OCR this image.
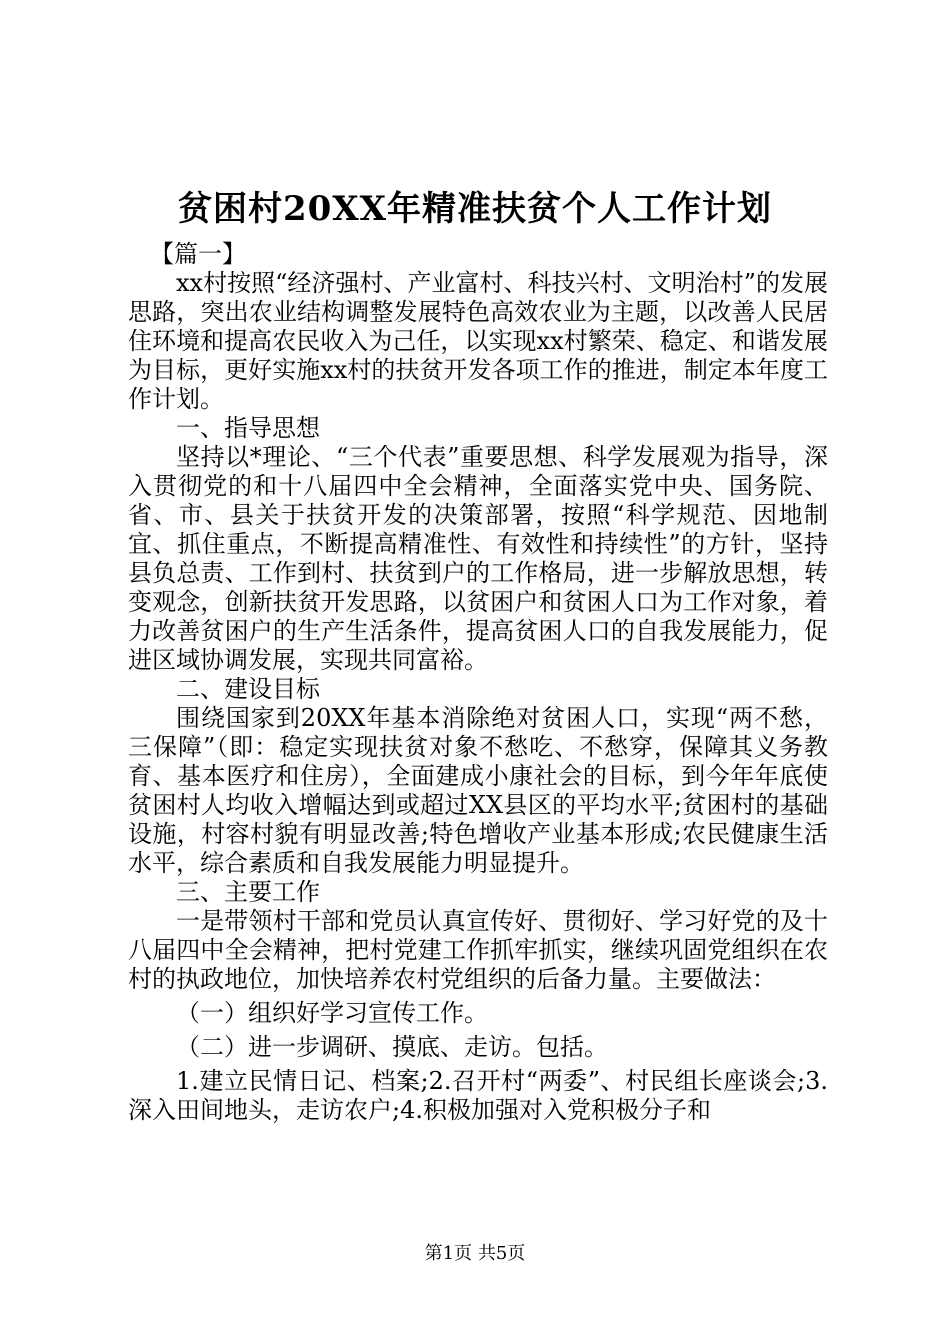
贫困村20XX年精准扶贫个人工作计划

【篇一】

xx村按照“经济强村、产业富村、科技兴村、文明治村”的发展思路，突出农业结构调整发展特色高效农业为主题，以改善人民居住环境和提高农民收入为己任，以实现xx村繁荣、稳定、和谐发展为目标，更好实施xx村的扶贫开发各项工作的推进，制定本年度工作计划。

一、指导思想

坚持以*理论、“三个代表”重要思想、科学发展观为指导，深入贯彻党的和十八届四中全会精神，全面落实党中央、国务院、省、市、县关于扶贫开发的决策部署，按照“科学规范、因地制宜、抓住重点，不断提高精准性、有效性和持续性”的方针，坚持县负总责、工作到村、扶贫到户的工作格局，进一步解放思想，转变观念，创新扶贫开发思路，以贫困户和贫困人口为工作对象，着力改善贫困户的生产生活条件，提高贫困人口的自我发展能力，促进区域协调发展，实现共同富裕。

二、建设目标

围绕国家到20XX年基本消除绝对贫困人口，实现“两不愁，三保障”（即：稳定实现扶贫对象不愁吃、不愁穿，保障其义务教育、基本医疗和住房），全面建成小康社会的目标，到今年年底使贫困村人均收入增幅达到或超过XX县区的平均水平;贫困村的基础设施，村容村貌有明显改善;特色增收产业基本形成;农民健康生活水平，综合素质和自我发展能力明显提升。

三、主要工作

一是带领村干部和党员认真宣传好、贯彻好、学习好党的及十八届四中全会精神，把村党建工作抓牢抓实，继续巩固党组织在农村的执政地位，加快培养农村党组织的后备力量。主要做法：

（一）组织好学习宣传工作。

（二）进一步调研、摸底、走访。包括。

1.建立民情日记、档案;2.召开村“两委”、村民组长座谈会;3.深入田间地头，走访农户;4.积极加强对入党积极分子和

第1页 共5页
